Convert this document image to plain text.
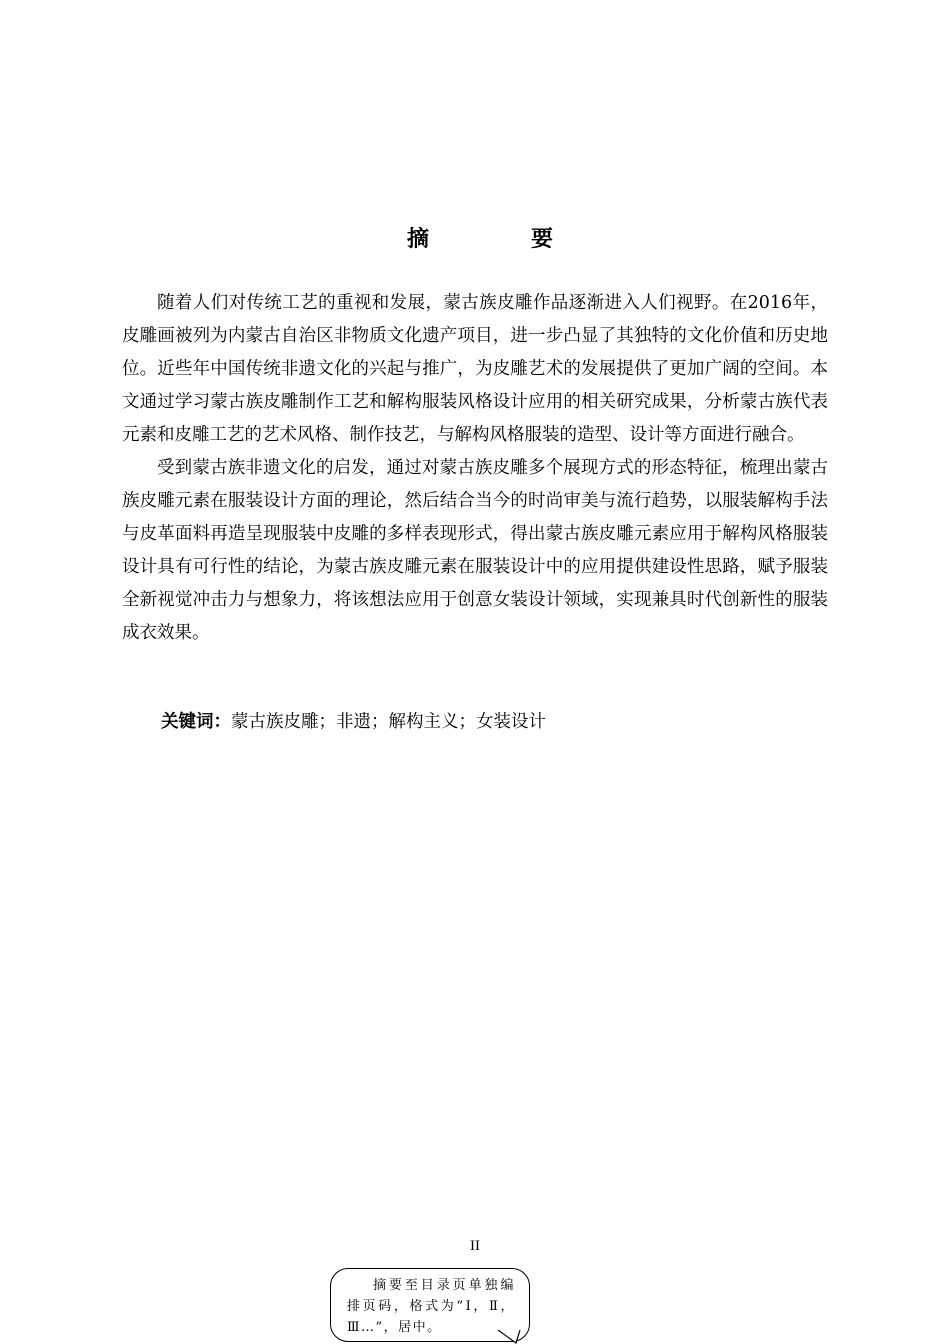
摘　要

随着人们对传统工艺的重视和发展，蒙古族皮雕作品逐渐进入人们视野。在2016年，皮雕画被列为内蒙古自治区非物质文化遗产项目，进一步凸显了其独特的文化价值和历史地位。近些年中国传统非遗文化的兴起与推广，为皮雕艺术的发展提供了更加广阔的空间。本文通过学习蒙古族皮雕制作工艺和解构服装风格设计应用的相关研究成果，分析蒙古族代表元素和皮雕工艺的艺术风格、制作技艺，与解构风格服装的造型、设计等方面进行融合。

受到蒙古族非遗文化的启发，通过对蒙古族皮雕多个展现方式的形态特征，梳理出蒙古族皮雕元素在服装设计方面的理论，然后结合当今的时尚审美与流行趋势，以服装解构手法与皮革面料再造呈现服装中皮雕的多样表现形式，得出蒙古族皮雕元素应用于解构风格服装设计具有可行性的结论，为蒙古族皮雕元素在服装设计中的应用提供建设性思路，赋予服装全新视觉冲击力与想象力，将该想法应用于创意女装设计领域，实现兼具时代创新性的服装成衣效果。

关键词：蒙古族皮雕；非遗；解构主义；女装设计
II
摘要至目录页单独编排页码，格式为“Ⅰ，Ⅱ，Ⅲ…”，居中。
